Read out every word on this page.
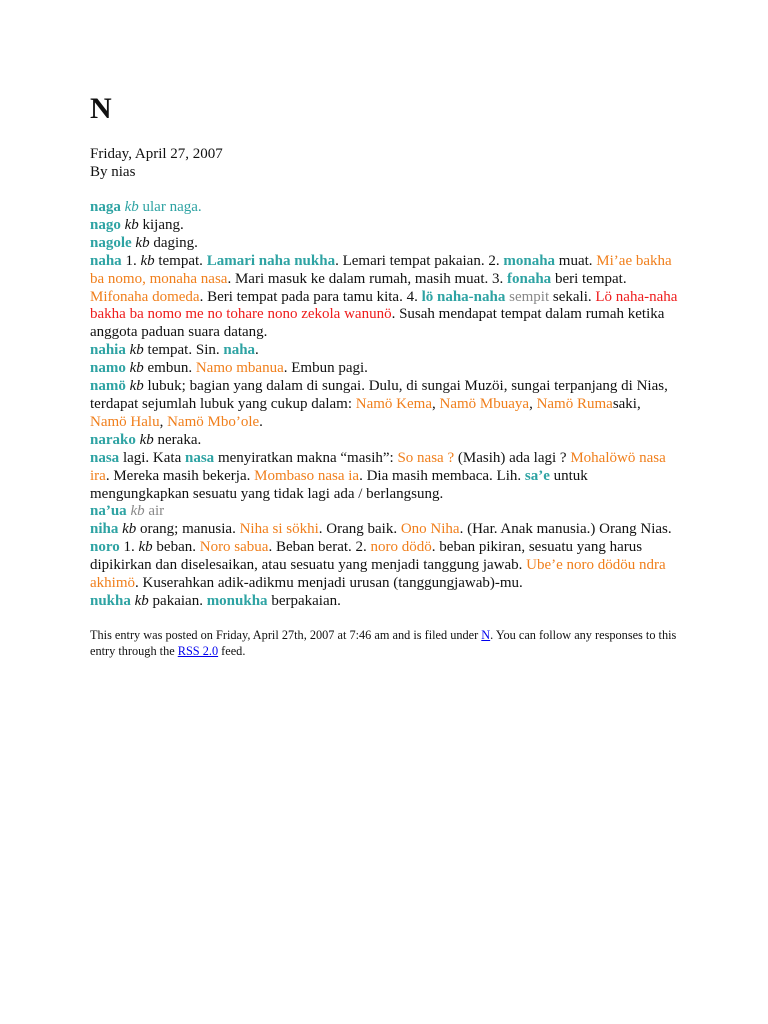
N
Friday, April 27, 2007
By nias
naga kb ular naga.
nago kb kijang.
nagole kb daging.
naha 1. kb tempat. Lamari naha nukha. Lemari tempat pakaian. 2. monaha muat. Mi’ae bakha ba nomo, monaha nasa. Mari masuk ke dalam rumah, masih muat. 3. fonaha beri tempat. Mifonaha domeda. Beri tempat pada para tamu kita. 4. lö naha-naha sempit sekali. Lö naha-naha bakha ba nomo me no tohare nono zekola wanunö. Susah mendapat tempat dalam rumah ketika anggota paduan suara datang.
nahia kb tempat. Sin. naha.
namo kb embun. Namo mbanua. Embun pagi.
namö kb lubuk; bagian yang dalam di sungai. Dulu, di sungai Muzöi, sungai terpanjang di Nias, terdapat sejumlah lubuk yang cukup dalam: Namö Kema, Namö Mbuaya, Namö Rumasaki, Namö Halu, Namö Mbo’ole.
narako kb neraka.
nasa lagi. Kata nasa menyiratkan makna “masih”: So nasa ? (Masih) ada lagi ? Mohalöwö nasa ira. Mereka masih bekerja. Mombaso nasa ia. Dia masih membaca. Lih. sa’e untuk mengungkapkan sesuatu yang tidak lagi ada / berlangsung.
na’ua kb air
niha kb orang; manusia. Niha si sökhi. Orang baik. Ono Niha. (Har. Anak manusia.) Orang Nias.
noro 1. kb beban. Noro sabua. Beban berat. 2. noro dödö. beban pikiran, sesuatu yang harus dipikirkan dan diselesaikan, atau sesuatu yang menjadi tanggung jawab. Ube’e noro dödöu ndra akhimö. Kuserahkan adik-adikmu menjadi urusan (tanggungjawab)-mu.
nukha kb pakaian. monukha berpakaian.
This entry was posted on Friday, April 27th, 2007 at 7:46 am and is filed under N. You can follow any responses to this entry through the RSS 2.0 feed.
